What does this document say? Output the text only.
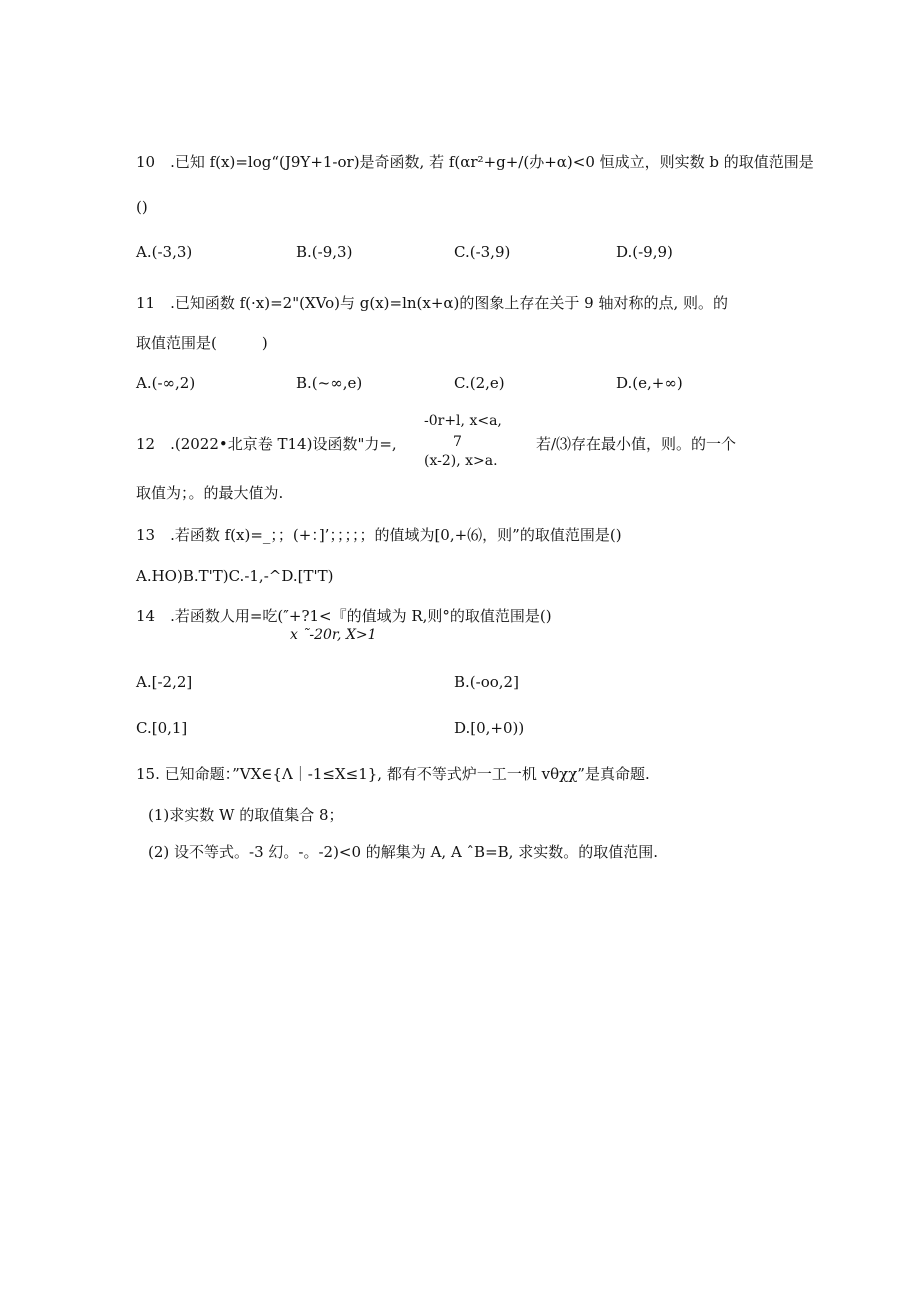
10　.已知 f(x)=log“(J9Y+1-or)是奇函数, 若 f(αr²+g+/(办+α)<0 恒成立，则实数 b 的取值范围是
()
A.(-3,3)	B.(-9,3)	C.(-3,9)	D.(-9,9)
11　.已知函数 f(·x)=2"(XVo)与 g(x)=ln(x+α)的图象上存在关于 9 轴对称的点, 则。的
取值范围是(　　　)
A.(-∞,2)	B.(~∞,e)	C.(2,e)	D.(e,+∞)
12　.(2022•北京卷 T14)设函数"力=,
-0r+l, x<a,
7
(x-2), x>a.
若/⑶存在最小值，则。的一个
取值为；。的最大值为.
13　.若函数 f(x)=_；；(+：]’；；；；；的值域为[0,+⑹，则”的取值范围是()
A.HO)B.T'T)C.-1,-^D.[T'T)
14　.若函数人用=吃(″+?1<『的值域为 R,则°的取值范围是()
x ˜-20r, X>1
A.[-2,2]	B.(-oo,2]
C.[0,1]	D.[0,+0))
15. 已知命题：”VX∈{Λ｜-1≤X≤1}, 都有不等式炉一工一机 vθχχ”是真命题.
(1)求实数 W 的取值集合 8；
(2) 设不等式。-3 幻。-。-2)<0 的解集为 A, A ˆB=B, 求实数。的取值范围.
